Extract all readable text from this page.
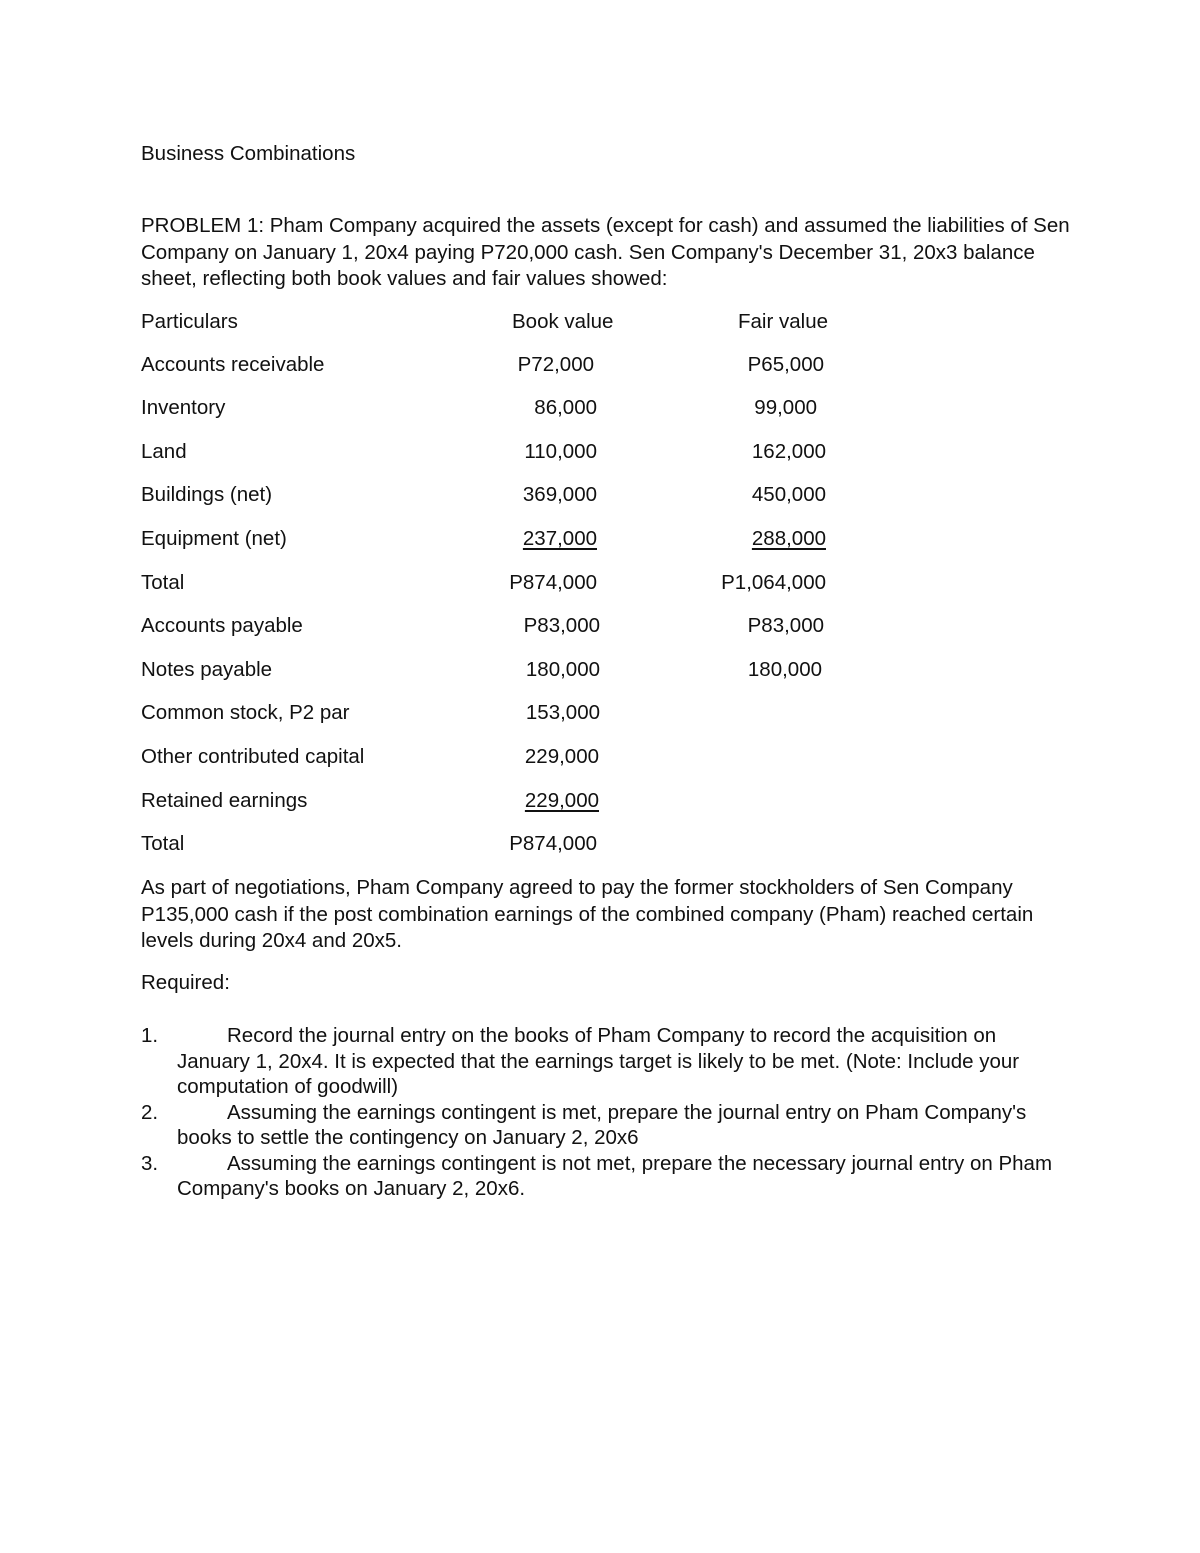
Business Combinations
PROBLEM 1: Pham Company acquired the assets (except for cash) and assumed the liabilities of Sen Company on January 1, 20x4 paying P720,000 cash. Sen Company's December 31, 20x3 balance sheet, reflecting both book values and fair values showed:
Particulars	Book value	Fair value
Accounts receivable	P72,000	P65,000
Inventory	86,000	99,000
Land	110,000	162,000
Buildings (net)	369,000	450,000
Equipment (net)	237,000	288,000
Total	P874,000	P1,064,000
Accounts payable	P83,000	P83,000
Notes payable	180,000	180,000
Common stock, P2 par	153,000
Other contributed capital	229,000
Retained earnings	229,000
Total	P874,000
As part of negotiations, Pham Company agreed to pay the former stockholders of Sen Company P135,000 cash if the post combination earnings of the combined company (Pham) reached certain levels during 20x4 and 20x5.
Required:
1.	Record the journal entry on the books of Pham Company to record the acquisition on January 1, 20x4. It is expected that the earnings target is likely to be met. (Note: Include your computation of goodwill)
2.	Assuming the earnings contingent is met, prepare the journal entry on Pham Company's books to settle the contingency on January 2, 20x6
3.	Assuming the earnings contingent is not met, prepare the necessary journal entry on Pham Company's books on January 2, 20x6.
